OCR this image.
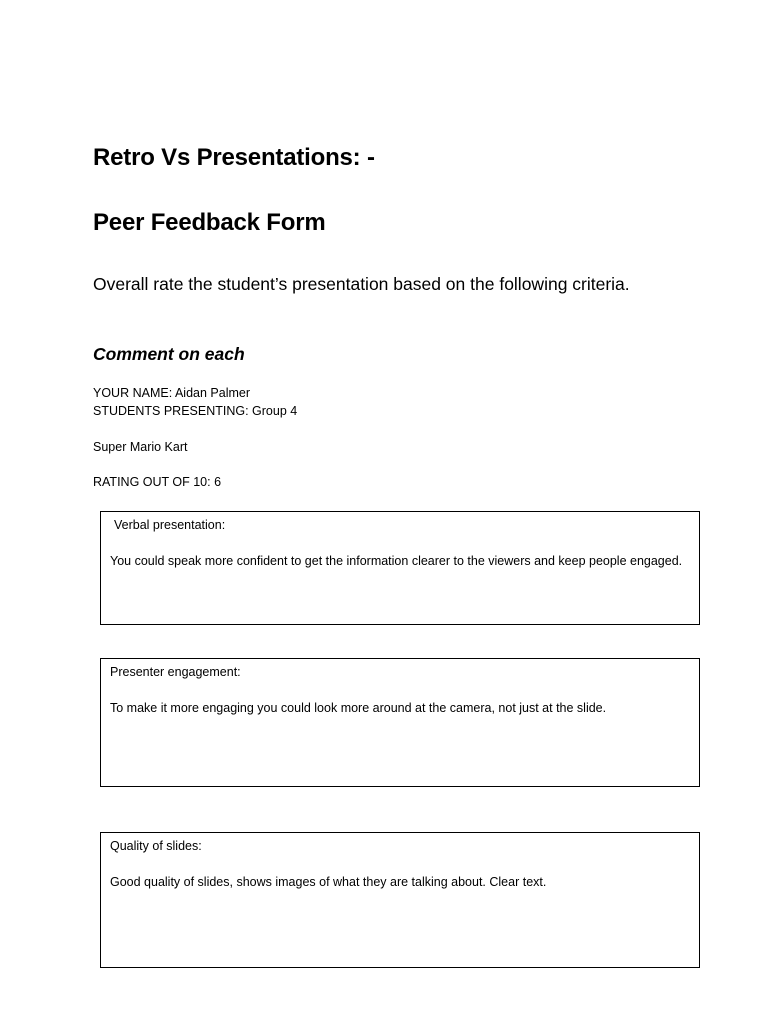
Retro Vs Presentations: -
Peer Feedback Form
Overall rate the student’s presentation based on the following criteria.
Comment on each
YOUR NAME: Aidan Palmer
STUDENTS PRESENTING: Group 4
Super Mario Kart
RATING OUT OF 10: 6
Verbal presentation:
You could speak more confident to get the information clearer to the viewers and keep people engaged.
Presenter engagement:
To make it more engaging you could look more around at the camera, not just at the slide.
Quality of slides:
Good quality of slides, shows images of what they are talking about. Clear text.
